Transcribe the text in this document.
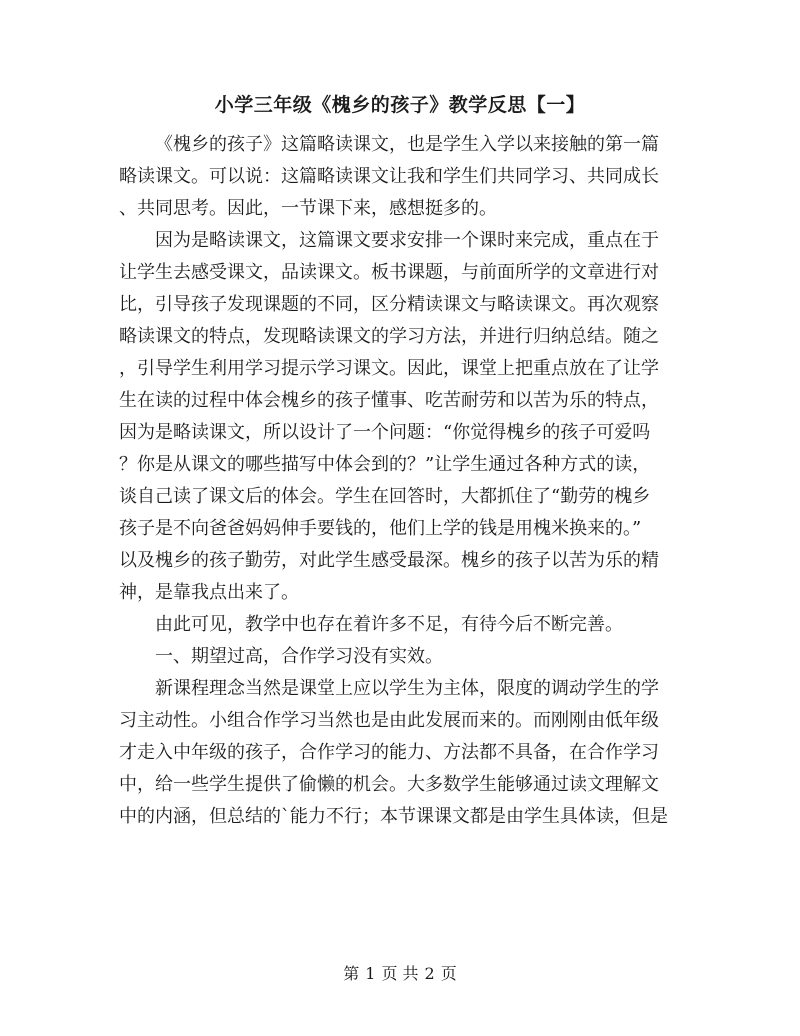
小学三年级《槐乡的孩子》教学反思【一】
《槐乡的孩子》这篇略读课文，也是学生入学以来接触的第一篇
略读课文。可以说：这篇略读课文让我和学生们共同学习、共同成长
、共同思考。因此，一节课下来，感想挺多的。
因为是略读课文，这篇课文要求安排一个课时来完成，重点在于
让学生去感受课文，品读课文。板书课题，与前面所学的文章进行对
比，引导孩子发现课题的不同，区分精读课文与略读课文。再次观察
略读课文的特点，发现略读课文的学习方法，并进行归纳总结。随之
，引导学生利用学习提示学习课文。因此，课堂上把重点放在了让学
生在读的过程中体会槐乡的孩子懂事、吃苦耐劳和以苦为乐的特点，
因为是略读课文，所以设计了一个问题：“你觉得槐乡的孩子可爱吗
？你是从课文的哪些描写中体会到的？”让学生通过各种方式的读，
谈自己读了课文后的体会。学生在回答时，大都抓住了“勤劳的槐乡
孩子是不向爸爸妈妈伸手要钱的，他们上学的钱是用槐米换来的。”
以及槐乡的孩子勤劳，对此学生感受最深。槐乡的孩子以苦为乐的精
神，是靠我点出来了。
由此可见，教学中也存在着许多不足，有待今后不断完善。
一、期望过高，合作学习没有实效。
新课程理念当然是课堂上应以学生为主体，限度的调动学生的学
习主动性。小组合作学习当然也是由此发展而来的。而刚刚由低年级
才走入中年级的孩子，合作学习的能力、方法都不具备，在合作学习
中，给一些学生提供了偷懒的机会。大多数学生能够通过读文理解文
中的内涵，但总结的`能力不行；本节课课文都是由学生具体读，但是
第 1 页 共 2 页
